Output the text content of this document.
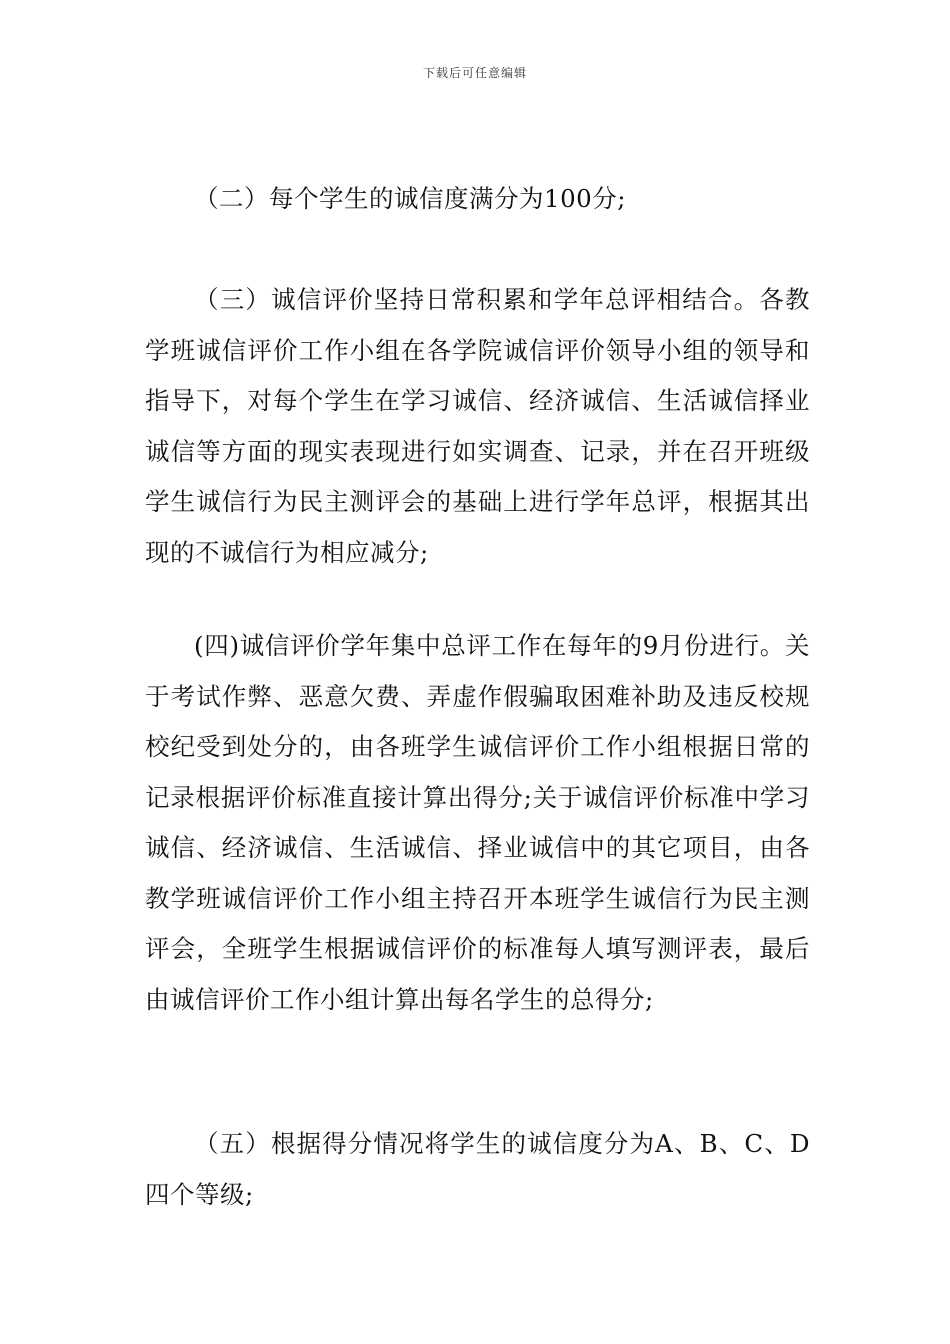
下载后可任意编辑

（二）每个学生的诚信度满分为100分;

（三）诚信评价坚持日常积累和学年总评相结合。各教学班诚信评价工作小组在各学院诚信评价领导小组的领导和指导下，对每个学生在学习诚信、经济诚信、生活诚信择业诚信等方面的现实表现进行如实调查、记录，并在召开班级学生诚信行为民主测评会的基础上进行学年总评，根据其出现的不诚信行为相应减分;

(四)诚信评价学年集中总评工作在每年的9月份进行。关于考试作弊、恶意欠费、弄虚作假骗取困难补助及违反校规校纪受到处分的，由各班学生诚信评价工作小组根据日常的记录根据评价标准直接计算出得分;关于诚信评价标准中学习诚信、经济诚信、生活诚信、择业诚信中的其它项目，由各教学班诚信评价工作小组主持召开本班学生诚信行为民主测评会，全班学生根据诚信评价的标准每人填写测评表，最后由诚信评价工作小组计算出每名学生的总得分;

（五）根据得分情况将学生的诚信度分为A、B、C、D四个等级;
